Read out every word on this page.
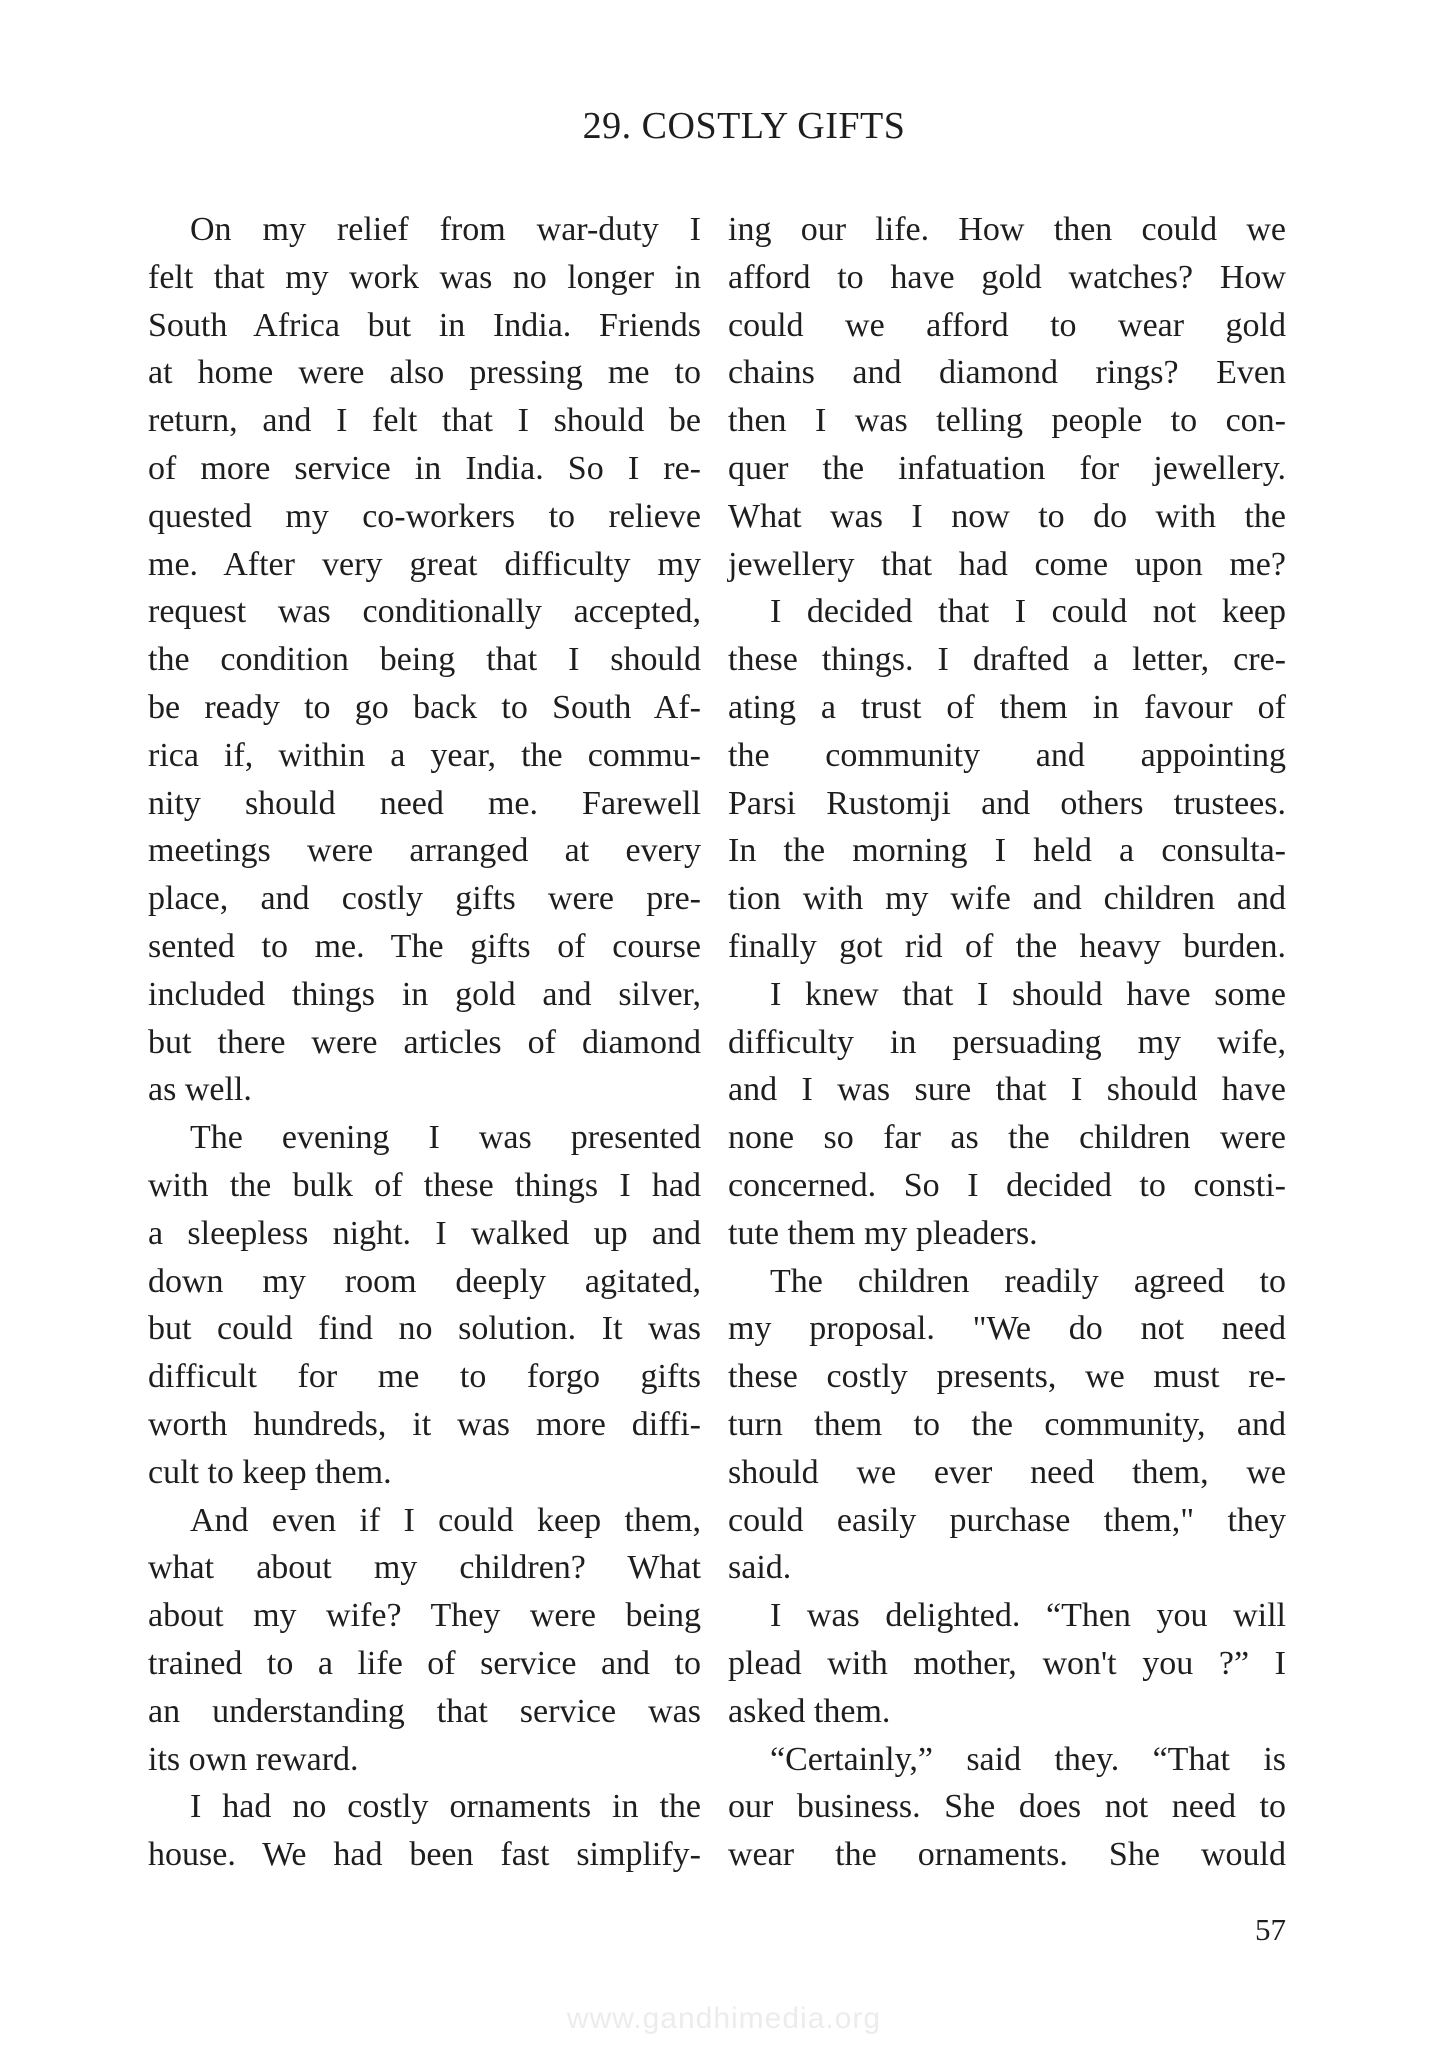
29. COSTLY GIFTS
On my relief from war-duty I
felt that my work was no longer in
South Africa but in India. Friends
at home were also pressing me to
return, and I felt that I should be
of more service in India. So I re-
quested my co-workers to relieve
me. After very great difficulty my
request was conditionally accepted,
the condition being that I should
be ready to go back to South Af-
rica if, within a year, the commu-
nity should need me. Farewell
meetings were arranged at every
place, and costly gifts were pre-
sented to me. The gifts of course
included things in gold and silver,
but there were articles of diamond
as well.
The evening I was presented
with the bulk of these things I had
a sleepless night. I walked up and
down my room deeply agitated,
but could find no solution. It was
difficult for me to forgo gifts
worth hundreds, it was more diffi-
cult to keep them.
And even if I could keep them,
what about my children? What
about my wife? They were being
trained to a life of service and to
an understanding that service was
its own reward.
I had no costly ornaments in the
house. We had been fast simplify-
ing our life. How then could we
afford to have gold watches? How
could we afford to wear gold
chains and diamond rings? Even
then I was telling people to con-
quer the infatuation for jewellery.
What was I now to do with the
jewellery that had come upon me?
I decided that I could not keep
these things. I drafted a letter, cre-
ating a trust of them in favour of
the community and appointing
Parsi Rustomji and others trustees.
In the morning I held a consulta-
tion with my wife and children and
finally got rid of the heavy burden.
I knew that I should have some
difficulty in persuading my wife,
and I was sure that I should have
none so far as the children were
concerned. So I decided to consti-
tute them my pleaders.
The children readily agreed to
my proposal. "We do not need
these costly presents, we must re-
turn them to the community, and
should we ever need them, we
could easily purchase them," they
said.
I was delighted. “Then you will
plead with mother, won't you ?” I
asked them.
“Certainly,” said they. “That is
our business. She does not need to
wear the ornaments. She would
57
www.gandhimedia.org
